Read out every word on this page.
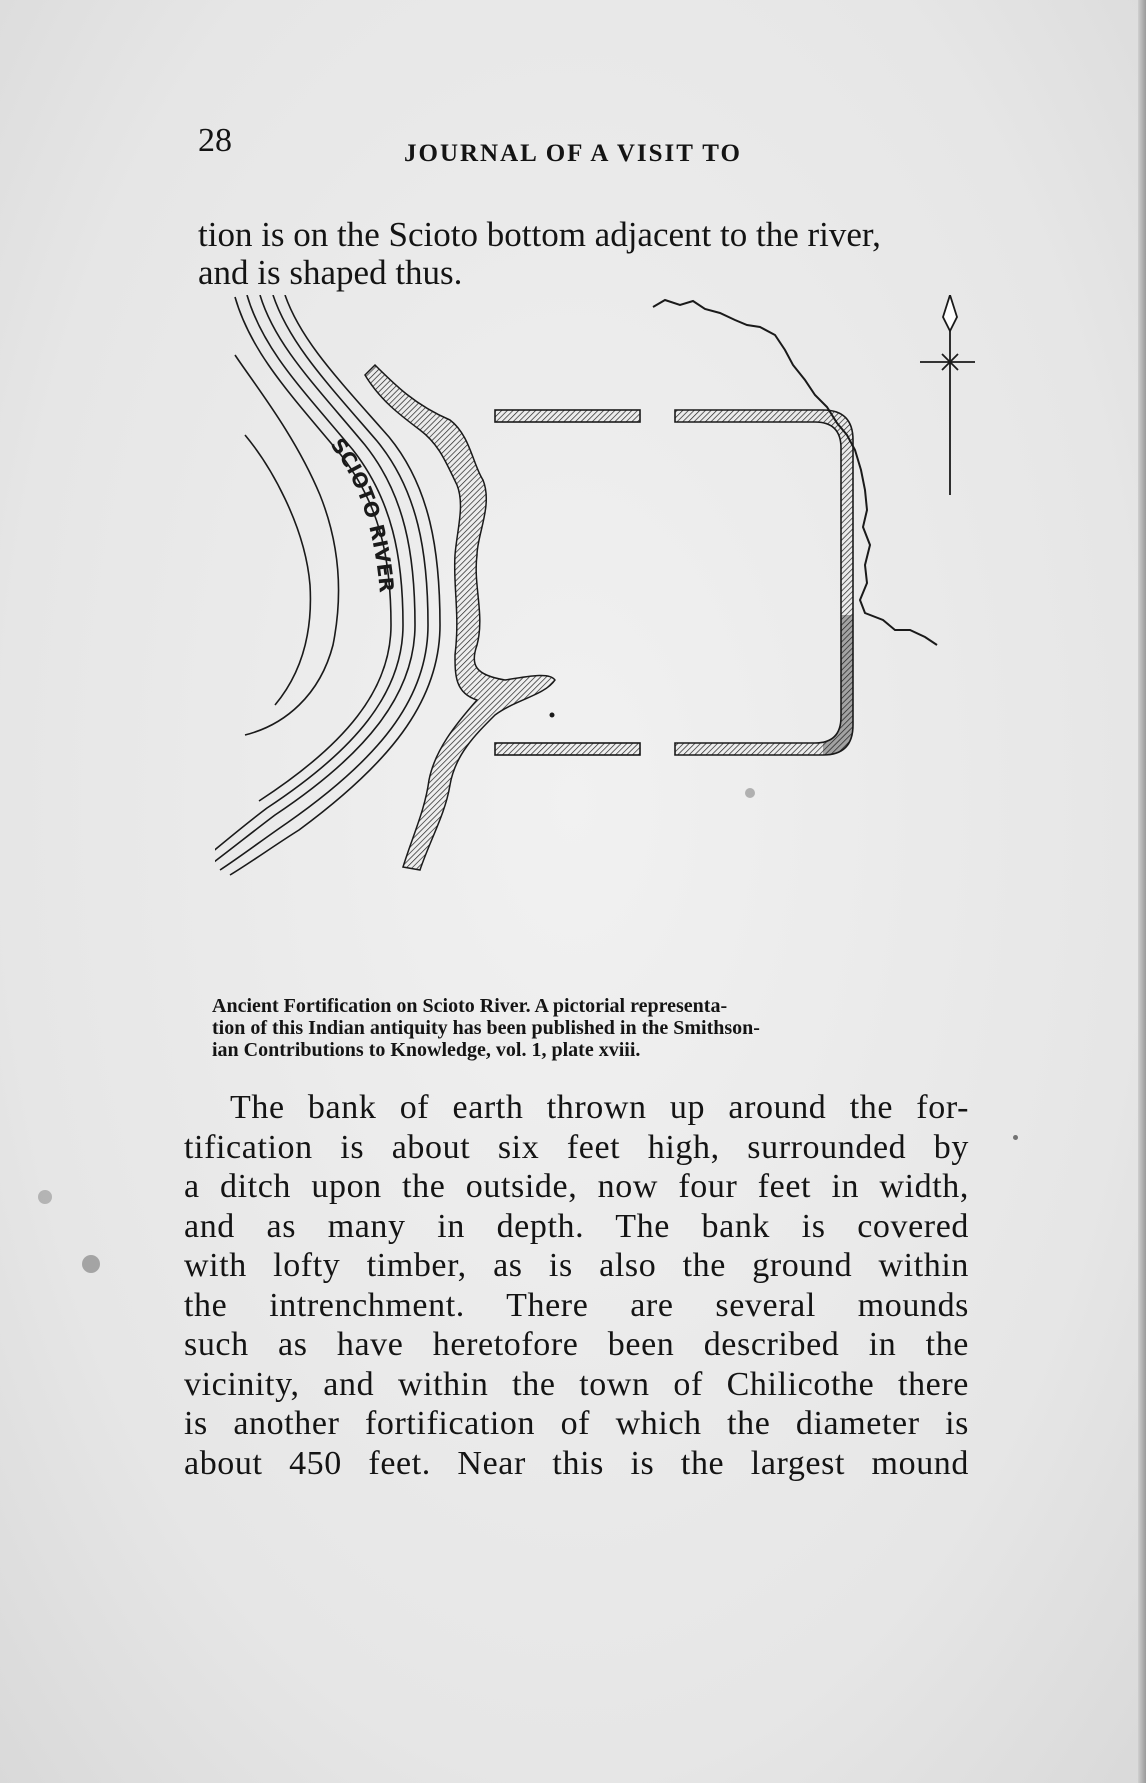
28	JOURNAL OF A VISIT TO
tion is on the Scioto bottom adjacent to the river,
and is shaped thus.
SCIOTO RIVER
Ancient Fortification on Scioto River. A pictorial representa-
tion of this Indian antiquity has been published in the Smithson-
ian Contributions to Knowledge, vol. 1, plate xviii.
The bank of earth thrown up around the for-
tification is about six feet high, surrounded by
a ditch upon the outside, now four feet in width,
and as many in depth. The bank is covered
with lofty timber, as is also the ground within
the intrenchment. There are several mounds
such as have heretofore been described in the
vicinity, and within the town of Chilicothe there
is another fortification of which the diameter is
about 450 feet. Near this is the largest mound
